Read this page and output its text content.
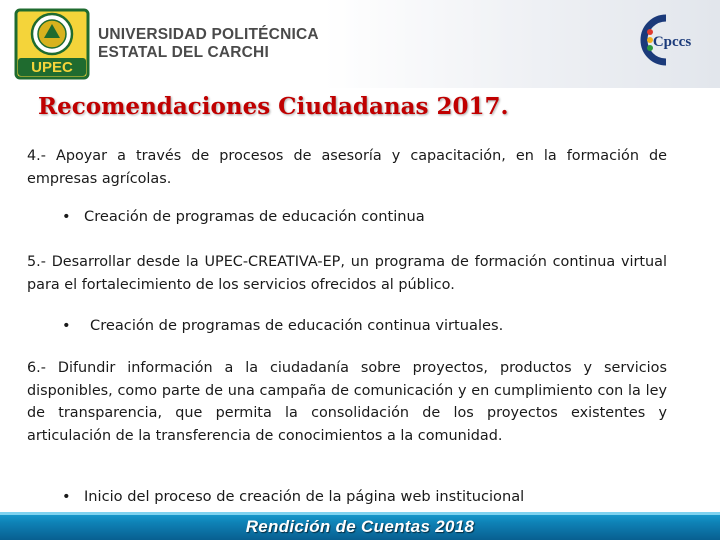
UPEC
UNIVERSIDAD POLITÉCNICA
ESTATAL DEL CARCHI
Cpccs
Recomendaciones Ciudadanas 2017.
4.- Apoyar a través de procesos de asesoría y capacitación, en la formación de empresas agrícolas.
• Creación de programas de educación continua
5.- Desarrollar desde la UPEC-CREATIVA-EP, un programa de formación continua virtual para el fortalecimiento de los servicios ofrecidos al público.
• Creación de programas de educación continua virtuales.
6.- Difundir información a la ciudadanía sobre proyectos, productos y servicios disponibles, como parte de una campaña de comunicación y en cumplimiento con la ley de transparencia, que permita la consolidación de los proyectos existentes y articulación de la transferencia de conocimientos a la comunidad.
• Inicio del proceso de creación de la página web institucional
Rendición de Cuentas 2018
